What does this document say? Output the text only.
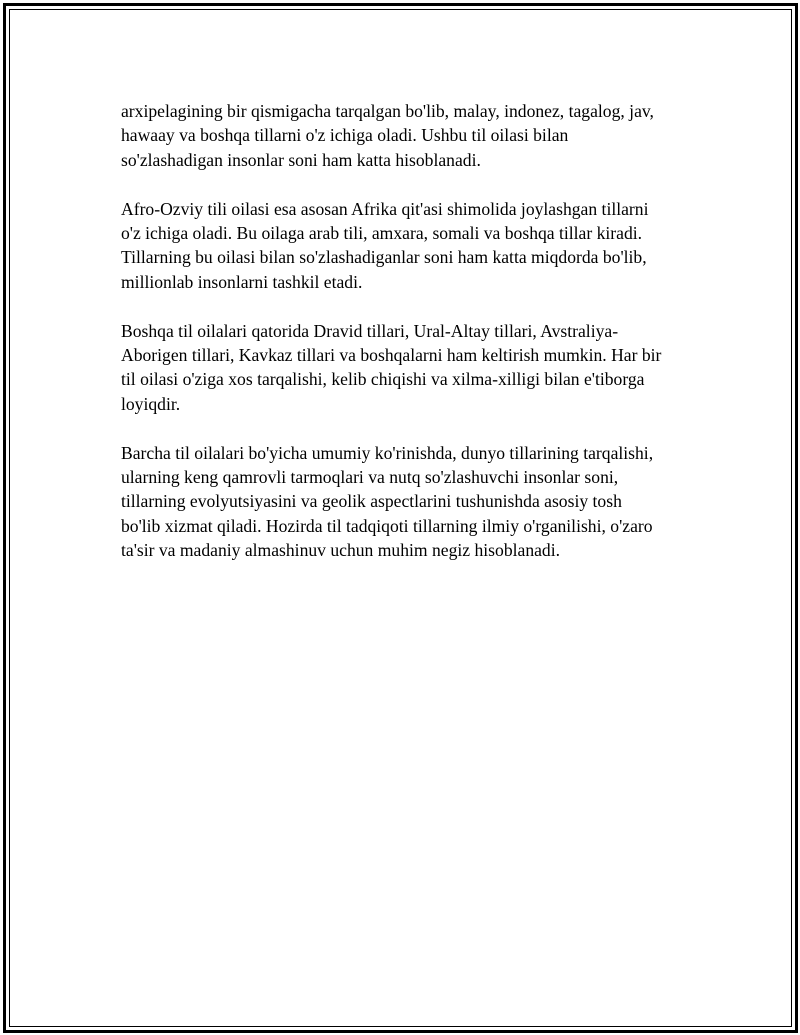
arxipelagining bir qismigacha tarqalgan bo'lib, malay, indonez, tagalog, jav,
hawaay va boshqa tillarni o'z ichiga oladi. Ushbu til oilasi bilan
so'zlashadigan insonlar soni ham katta hisoblanadi.

Afro-Ozviy tili oilasi esa asosan Afrika qit'asi shimolida joylashgan tillarni
o'z ichiga oladi. Bu oilaga arab tili, amxara, somali va boshqa tillar kiradi.
Tillarning bu oilasi bilan so'zlashadiganlar soni ham katta miqdorda bo'lib,
millionlab insonlarni tashkil etadi.

Boshqa til oilalari qatorida Dravid tillari, Ural-Altay tillari, Avstraliya-
Aborigen tillari, Kavkaz tillari va boshqalarni ham keltirish mumkin. Har bir
til oilasi o'ziga xos tarqalishi, kelib chiqishi va xilma-xilligi bilan e'tiborga
loyiqdir.

Barcha til oilalari bo'yicha umumiy ko'rinishda, dunyo tillarining tarqalishi,
ularning keng qamrovli tarmoqlari va nutq so'zlashuvchi insonlar soni,
tillarning evolyutsiyasini va geolik aspectlarini tushunishda asosiy tosh
bo'lib xizmat qiladi. Hozirda til tadqiqoti tillarning ilmiy o'rganilishi, o'zaro
ta'sir va madaniy almashinuv uchun muhim negiz hisoblanadi.
